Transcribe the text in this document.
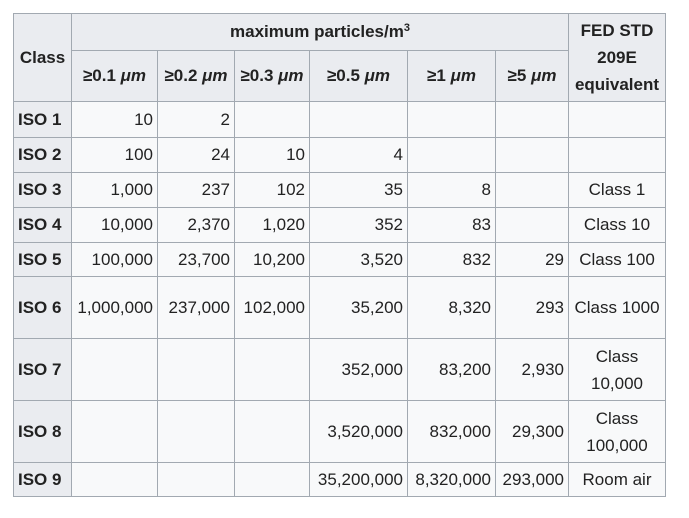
Class	maximum particles/$m^3$						FED STD 209E equivalent
	≥0.1 μm	≥0.2 μm	≥0.3 μm	≥0.5 μm	≥1 μm	≥5 μm	
ISO 1	10	2					
ISO 2	100	24	10	4			
ISO 3	1,000	237	102	35	8		Class 1
ISO 4	10,000	2,370	1,020	352	83		Class 10
ISO 5	100,000	23,700	10,200	3,520	832	29	Class 100
ISO 6	1,000,000	237,000	102,000	35,200	8,320	293	Class 1000
ISO 7				352,000	83,200	2,930	Class 10,000
ISO 8				3,520,000	832,000	29,300	Class 100,000
ISO 9				35,200,000	8,320,000	293,000	Room air
